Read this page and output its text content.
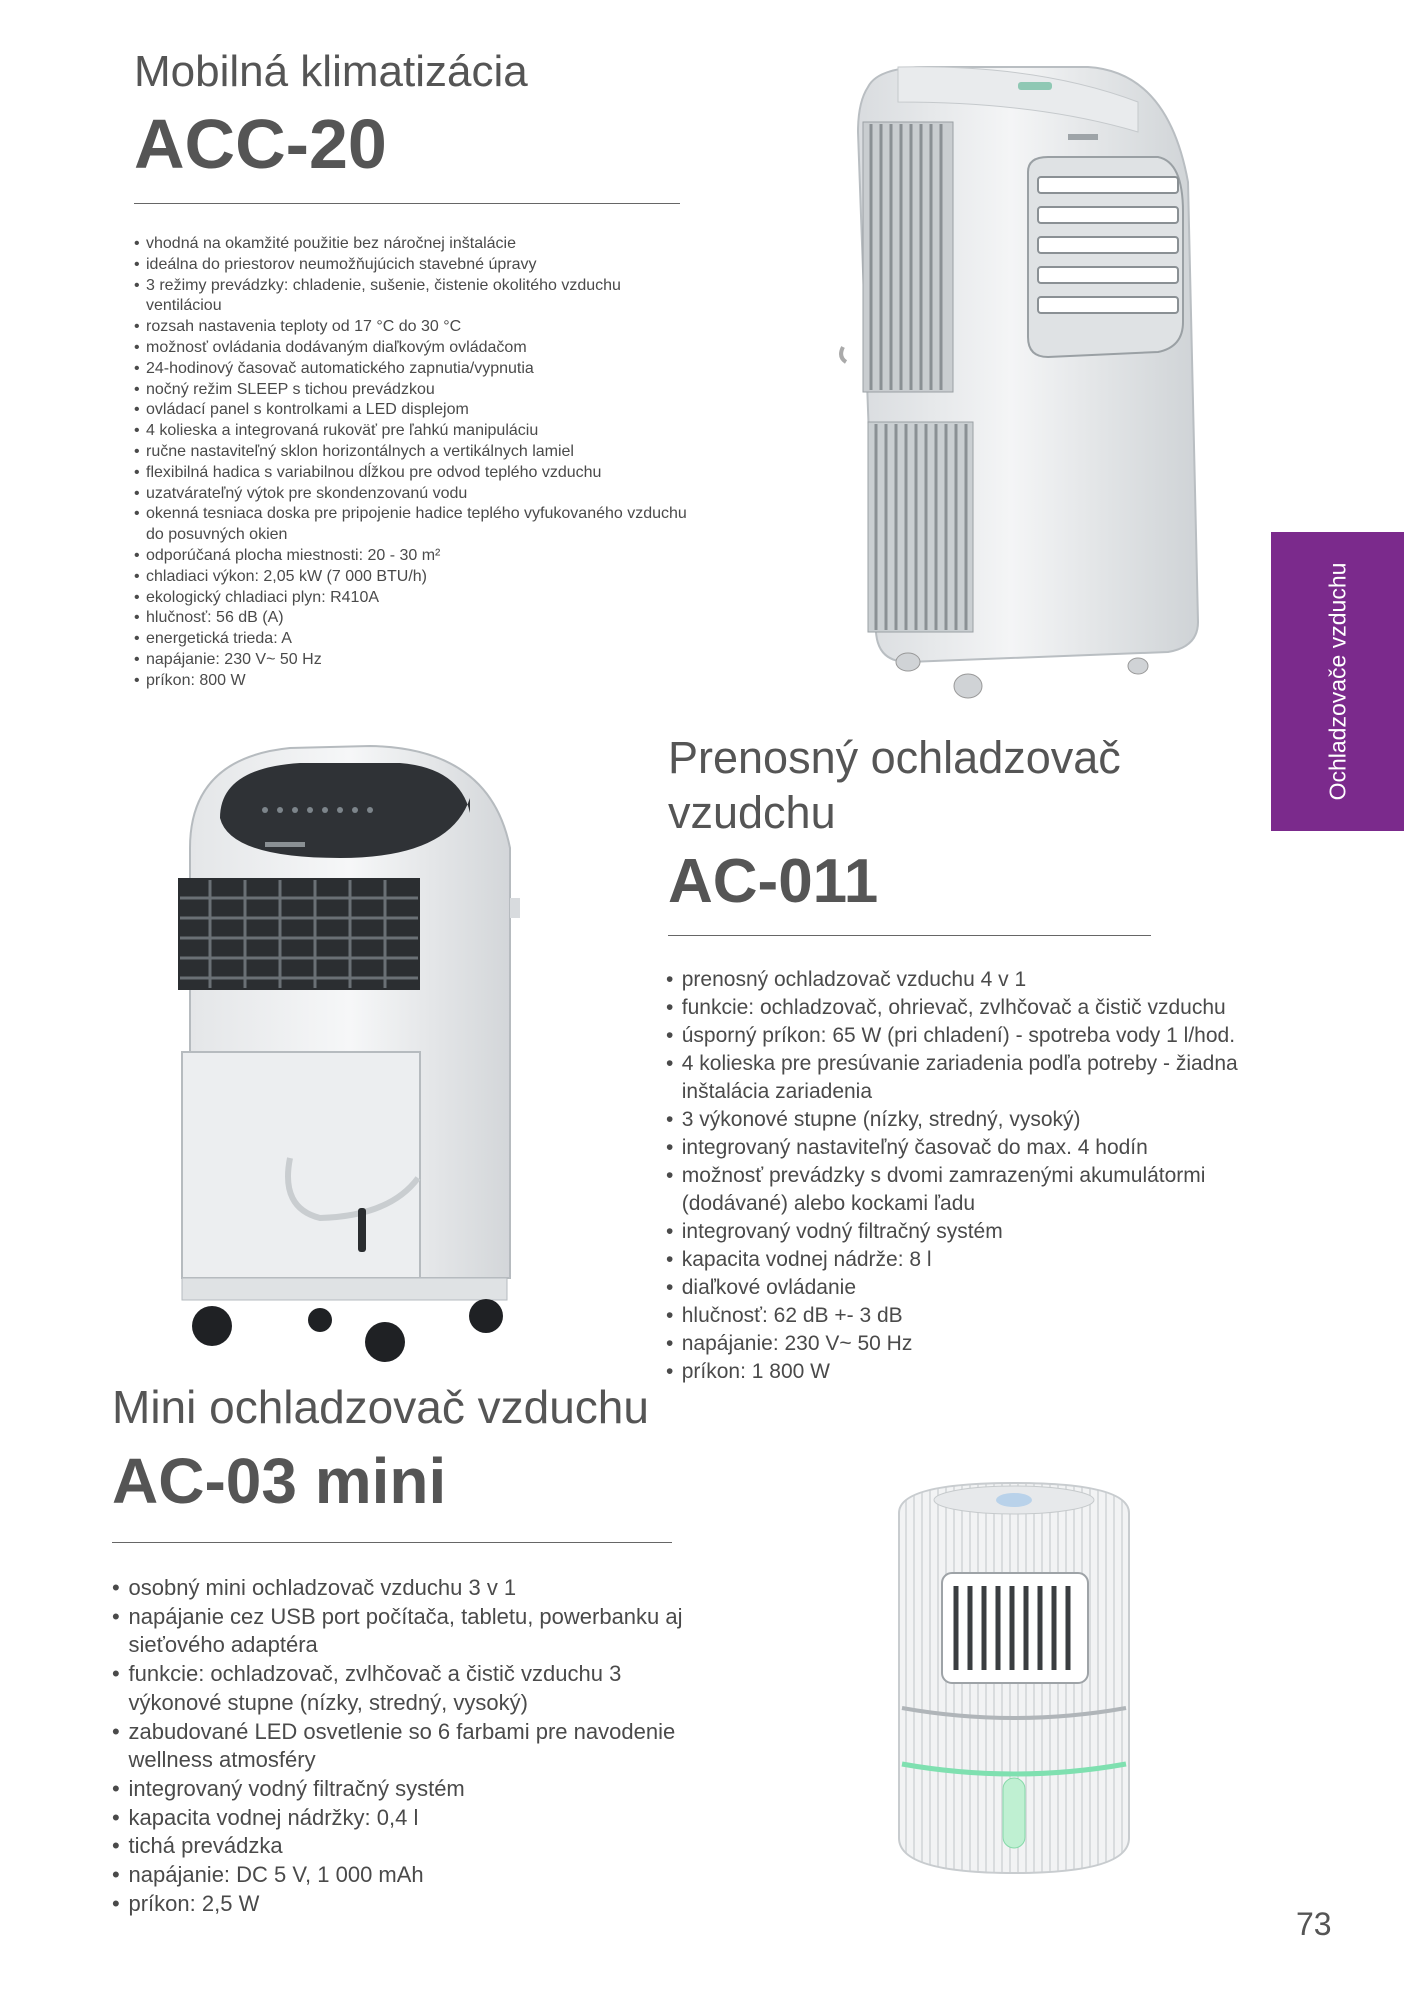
Mobilná klimatizácia
ACC-20
• vhodná na okamžité použitie bez náročnej inštalácie
• ideálna do priestorov neumožňujúcich stavebné úpravy
• 3 režimy prevádzky: chladenie, sušenie, čistenie okolitého vzduchu ventiláciou
• rozsah nastavenia teploty od 17 °C do 30 °C
• možnosť ovládania dodávaným diaľkovým ovládačom
• 24-hodinový časovač automatického zapnutia/vypnutia
• nočný režim SLEEP s tichou prevádzkou
• ovládací panel s kontrolkami a LED displejom
• 4 kolieska a integrovaná rukoväť pre ľahkú manipuláciu
• ručne nastaviteľný sklon horizontálnych a vertikálnych lamiel
• flexibilná hadica s variabilnou dĺžkou pre odvod teplého vzduchu
• uzatvárateľný výtok pre skondenzovanú vodu
• okenná tesniaca doska pre pripojenie hadice teplého vyfukovaného vzduchu do posuvných okien
• odporúčaná plocha miestnosti: 20 - 30 m²
• chladiaci výkon: 2,05 kW (7 000 BTU/h)
• ekologický chladiaci plyn: R410A
• hlučnosť: 56 dB (A)
• energetická trieda: A
• napájanie: 230 V~ 50 Hz
• príkon: 800 W
Prenosný ochladzovač vzudchu
AC-011
• prenosný ochladzovač vzduchu 4 v 1
• funkcie: ochladzovač, ohrievač, zvlhčovač a čistič vzduchu
• úsporný príkon: 65 W (pri chladení) - spotreba vody 1 l/hod.
• 4 kolieska pre presúvanie zariadenia podľa potreby - žiadna inštalácia zariadenia
• 3 výkonové stupne (nízky, stredný, vysoký)
• integrovaný nastaviteľný časovač do max. 4 hodín
• možnosť prevádzky s dvomi zamrazenými akumulátormi (dodávané) alebo kockami ľadu
• integrovaný vodný filtračný systém
• kapacita vodnej nádrže: 8 l
• diaľkové ovládanie
• hlučnosť: 62 dB +- 3 dB
• napájanie: 230 V~ 50 Hz
• príkon: 1 800 W
Mini ochladzovač vzduchu
AC-03 mini
• osobný mini ochladzovač vzduchu 3 v 1
• napájanie cez USB port počítača, tabletu, powerbanku aj sieťového adaptéra
• funkcie: ochladzovač, zvlhčovač a čistič vzduchu 3 výkonové stupne (nízky, stredný, vysoký)
• zabudované LED osvetlenie so 6 farbami pre navodenie wellness atmosféry
• integrovaný vodný filtračný systém
• kapacita vodnej nádržky: 0,4 l
• tichá prevádzka
• napájanie: DC 5 V, 1 000 mAh
• príkon: 2,5 W
Ochladzovače vzduchu
73
